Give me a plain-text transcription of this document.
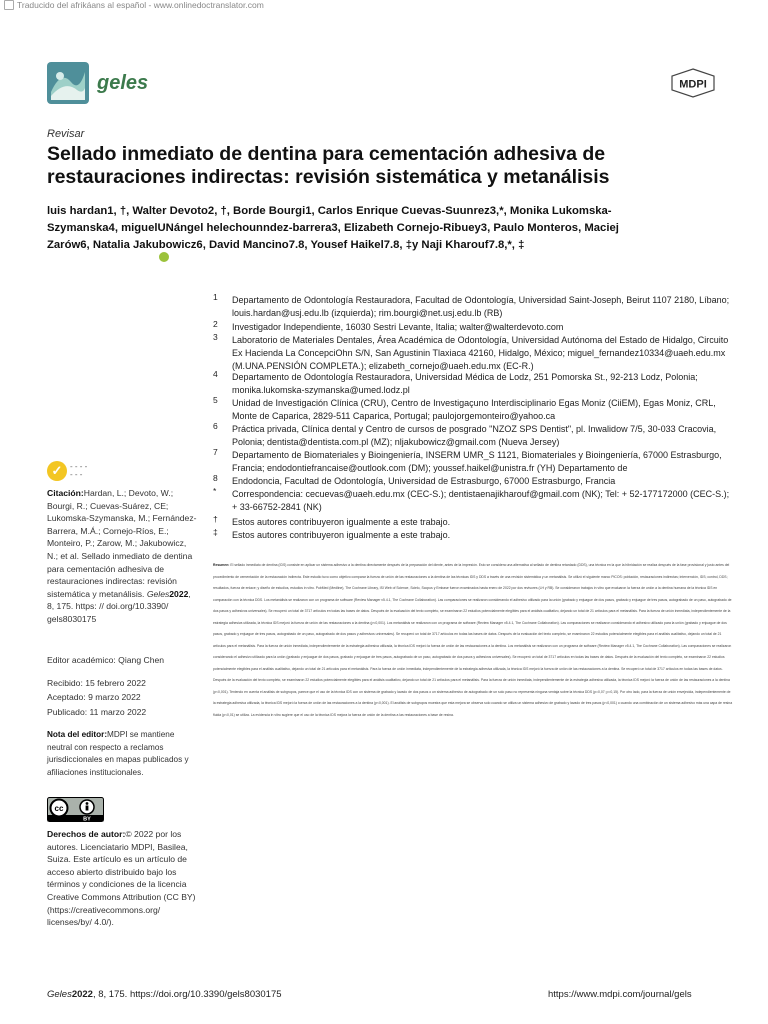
Traducido del afrikáans al español - www.onlinedoctranslator.com
geles	MDPI
Revisar
Sellado inmediato de dentina para cementación adhesiva de restauraciones indirectas: revisión sistemática y metanálisis
luis hardan1, †, Walter Devoto2, †, Borde Bourgi1, Carlos Enrique Cuevas-Suunrez3,*, Monika Lukomska-
Szymanska4, miguelUNángel helechounndez-barrera3, Elizabeth Cornejo-Ribuey3, Paulo Monteros, Maciej
Zarów6, Natalia Jakubowicz6, David Mancino7.8, Yousef Haikel7.8, ‡y Naji Kharouf7.8,*, ‡
1 Departamento de Odontología Restauradora, Facultad de Odontología, Universidad Saint-Joseph, Beirut 1107 2180, Líbano; louis.hardan@usj.edu.lb (izquierda); rim.bourgi@net.usj.edu.lb (RB)
2 Investigador Independiente, 16030 Sestri Levante, Italia; walter@walterdevoto.com
3 Laboratorio de Materiales Dentales, Área Académica de Odontología, Universidad Autónoma del Estado de Hidalgo, Circuito Ex Hacienda La ConcepciOhn S/N, San Agustinin Tlaxiaca 42160, Hidalgo, México; miguel_fernandez10334@uaeh.edu.mx (M.UNA.PENSIÓN COMPLETA.); elizabeth_cornejo@uaeh.edu.mx (EC-R.)
4 Departamento de Odontología Restauradora, Universidad Médica de Lodz, 251 Pomorska St., 92-213 Lodz, Polonia; monika.lukomska-szymanska@umed.lodz.pl
5 Unidad de Investigación Clínica (CRU), Centro de Investigaçuno Interdisciplinario Egas Moniz (CiiEM), Egas Moniz, CRL, Monte de Caparica, 2829-511 Caparica, Portugal; paulojorgemonteiro@yahoo.ca
6 Práctica privada, Clínica dental y Centro de cursos de posgrado "NZOZ SPS Dentist", pl. Inwalidow 7/5, 30-033 Cracovia, Polonia; dentista@dentista.com.pl (MZ); nljakubowicz@gmail.com (Nueva Jersey)
7 Departamento de Biomateriales y Bioingeniería, INSERM UMR_S 1121, Biomateriales y Bioingeniería, 67000 Estrasburgo, Francia; endodontiefrancaise@outlook.com (DM); youssef.haikel@unistra.fr (YH) Departamento de
8 Endodoncia, Facultad de Odontología, Universidad de Estrasburgo, 67000 Estrasburgo, Francia
* Correspondencia: cecuevas@uaeh.edu.mx (CEC-S.); dentistaenajikharouf@gmail.com (NK); Tel: + 52-177172000 (CEC-S.); + 33-66752-2841 (NK)
† Estos autores contribuyeron igualmente a este trabajo.
‡ Estos autores contribuyeron igualmente a este trabajo.
✓ - - - -
- - -
Citación:Hardan, L.; Devoto, W.; Bourgi, R.; Cuevas-Suárez, CE; Lukomska-Szymanska, M.; Fernández-Barrera, M.Á.; Cornejo-Ríos, E.; Monteiro, P.; Zarow, M.; Jakubowicz, N.; et al. Sellado inmediato de dentina para cementación adhesiva de restauraciones indirectas: revisión sistemática y metanálisis. Geles2022, 8, 175. https: // doi.org/10.3390/ gels8030175
Editor académico: Qiang Chen
Recibido: 15 febrero 2022
Aceptado: 9 marzo 2022
Publicado: 11 marzo 2022
Nota del editor:MDPI se mantiene neutral con respecto a reclamos jurisdiccionales en mapas publicados y afiliaciones institucionales.
cc
BY
Derechos de autor:© 2022 por los autores. Licenciatario MDPI, Basilea, Suiza. Este artículo es un artículo de acceso abierto distribuido bajo los términos y condiciones de la licencia Creative Commons Attribution (CC BY) (https://creativecommons.org/ licenses/by/ 4.0/).
Resumen: El sellado inmediato de dentina (IDS) consiste en aplicar un sistema adhesivo a la dentina directamente después de la preparación del diente, antes de la impresión. Esto se considera una alternativa al sellado de dentina retardado (DDS), una técnica en la que la hibridación se realiza después de la fase provisional y justo antes del procedimiento de cementación de la restauración indirecta. Este estudio tuvo como objetivo comparar la fuerza de unión de las restauraciones a la dentina de las técnicas IDS y DDS a través de una revisión sistemática y un metanálisis. Se utilizó el siguiente marco PICOS: población, restauraciones indirectas; intervención, IDS; control, DDS; resultados, fuerza de enlace; y diseño de estudios, estudios in vitro. PubMed (Medline), The Cochrane Library, ISI Web of Science, Scielo, Scopus y Embase fueron examinados hasta enero de 2022 por dos revisores (LH y RB). Se consideraron trabajos in vitro que evaluaron la fuerza de unión a la dentina humana de la técnica IDS en comparación con la técnica DDS. Los metanálisis se realizaron con un programa de software (Review Manager v5.4.1, The Cochrane Collaboration). Las comparaciones se realizaron considerando el adhesivo utilizado para la unión (grabado y enjuague de dos pasos, grabado y enjuague de tres pasos, autograbado de un paso, autograbado de dos pasos y adhesivos universales). Se recuperó un total de 3717 artículos en todas las bases de datos. Después de la evaluación del texto completo, se examinaron 22 estudios potencialmente elegibles para el análisis cualitativo, dejando un total de 21 artículos para el metanálisis. Para la fuerza de unión inmediata, independientemente de la estrategia adhesiva utilizada, la técnica IDS mejoró la fuerza de unión de las restauraciones a la dentina (p<0,001). Los metanálisis se realizaron con un programa de software (Review Manager v5.4.1, The Cochrane Collaboration). Las comparaciones se realizaron considerando el adhesivo utilizado para la unión (grabado y enjuague de dos pasos, grabado y enjuague de tres pasos, autograbado de un paso, autograbado de dos pasos y adhesivos universales). Se recuperó un total de 3717 artículos en todas las bases de datos. Después de la evaluación del texto completo, se examinaron 22 estudios potencialmente elegibles para el análisis cualitativo, dejando un total de 21 artículos para el metanálisis. Para la fuerza de unión inmediata, independientemente de la estrategia adhesiva utilizada, la técnica IDS mejoró la fuerza de unión de las restauraciones a la dentina. Los metanálisis se realizaron con un programa de software (Review Manager v5.4.1, The Cochrane Collaboration). Las comparaciones se realizaron considerando el adhesivo utilizado para la unión (grabado y enjuague de dos pasos, grabado y enjuague de tres pasos, autograbado de un paso, autograbado de dos pasos y adhesivos universales). Se recuperó un total de 3717 artículos en todas las bases de datos. Después de la evaluación del texto completo, se examinaron 22 estudios potencialmente elegibles para el análisis cualitativo, dejando un total de 21 artículos para el metanálisis. Para la fuerza de unión inmediata, independientemente de la estrategia adhesiva utilizada, la técnica IDS mejoró la fuerza de unión de las restauraciones a la dentina. Se recuperó un total de 3717 artículos en todas las bases de datos. Después de la evaluación del texto completo, se examinaron 22 estudios potencialmente elegibles para el análisis cualitativo, dejando un total de 21 artículos para el metanálisis. Para la fuerza de unión inmediata, independientemente de la estrategia adhesiva utilizada, la técnica IDS mejoró la fuerza de unión de las restauraciones a la dentina (p<0,001). Teniendo en cuenta el análisis de subgrupos, parece que el uso de la técnica IDS con un sistema de grabado y lavado de dos pasos o un sistema adhesivo de autograbado de un solo paso no representa ninguna ventaja sobre la técnica DDS (p=0,07; p=0,15). Por otro lado, para la fuerza de unión envejecida, independientemente de la estrategia adhesiva utilizada, la técnica IDS mejoró la fuerza de unión de las restauraciones a la dentina (p<0,001). El análisis de subgrupos muestra que esta mejora se observa solo cuando se utiliza un sistema adhesivo de grabado y lavado de tres pasos (p<0,001) o cuando una combinación de un sistema adhesivo más una capa de resina fluida (p<0,01) se utiliza. La evidencia in vitro sugiere que el uso de la técnica IDS mejora la fuerza de unión de la dentina a las restauraciones a base de resina.
Geles2022, 8, 175. https://doi.org/10.3390/gels8030175	https://www.mdpi.com/journal/gels
